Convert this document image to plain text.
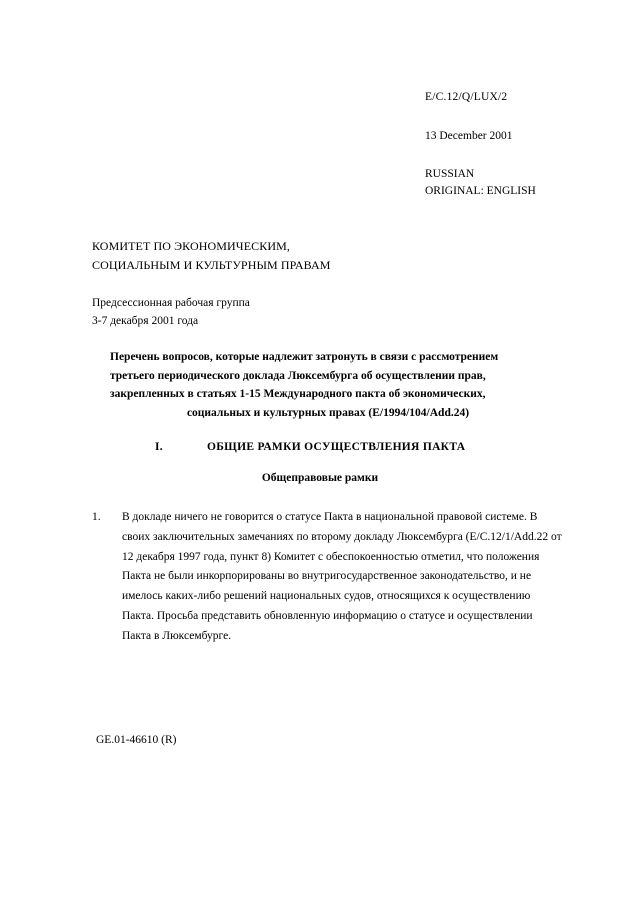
E/C.12/Q/LUX/2
13 December 2001
RUSSIAN
ORIGINAL: ENGLISH
КОМИТЕТ ПО ЭКОНОМИЧЕСКИМ,
СОЦИАЛЬНЫМ И КУЛЬТУРНЫМ ПРАВАМ
Предсессионная рабочая группа
3-7 декабря 2001 года
Перечень вопросов, которые надлежит затронуть в связи с рассмотрением
третьего периодического доклада Люксембурга об осуществлении прав,
закрепленных в статьях 1-15 Международного пакта об экономических,
социальных и культурных правах (E/1994/104/Add.24)
I.	ОБЩИЕ РАМКИ ОСУЩЕСТВЛЕНИЯ ПАКТА
Общеправовые рамки
1.	В докладе ничего не говорится о статусе Пакта в национальной правовой системе. В своих заключительных замечаниях по второму докладу Люксембурга (E/C.12/1/Add.22 от 12 декабря 1997 года, пункт 8) Комитет с обеспокоенностью отметил, что положения Пакта не были инкорпорированы во внутригосударственное законодательство, и не имелось каких-либо решений национальных судов, относящихся к осуществлению Пакта. Просьба представить обновленную информацию о статусе и осуществлении Пакта в Люксембурге.
GE.01-46610 (R)
